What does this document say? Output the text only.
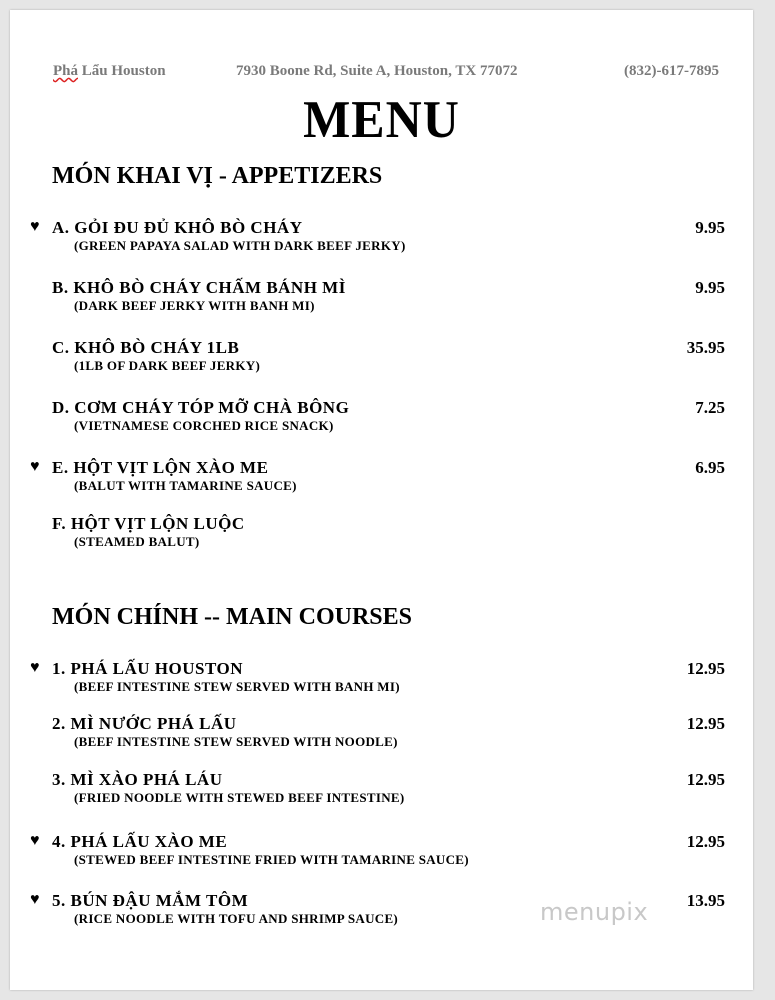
Phá Lẩu Houston	7930 Boone Rd, Suite A, Houston, TX 77072	(832)-617-7895
MENU
MÓN KHAI VỊ - APPETIZERS
♥ A. GỎI ĐU ĐỦ KHÔ BÒ CHÁY
(GREEN PAPAYA SALAD WITH DARK BEEF JERKY)
9.95
B. KHÔ BÒ CHÁY CHẤM BÁNH MÌ
(DARK BEEF JERKY WITH BANH MI)
9.95
C. KHÔ BÒ CHÁY 1LB
(1LB OF DARK BEEF JERKY)
35.95
D. CƠM CHÁY TÓP MỠ CHÀ BÔNG
(VIETNAMESE CORCHED RICE SNACK)
7.25
♥ E. HỘT VỊT LỘN XÀO ME
(BALUT WITH TAMARINE SAUCE)
6.95
F. HỘT VỊT LỘN LUỘC
(STEAMED BALUT)
MÓN CHÍNH -- MAIN COURSES
♥ 1. PHÁ LẤU HOUSTON
(BEEF INTESTINE STEW SERVED WITH BANH MI)
12.95
2. MÌ NƯỚC PHÁ LẤU
(BEEF INTESTINE STEW SERVED WITH NOODLE)
12.95
3. MÌ XÀO PHÁ LÁU
(FRIED NOODLE WITH STEWED BEEF INTESTINE)
12.95
♥ 4. PHÁ LẤU XÀO ME
(STEWED BEEF INTESTINE FRIED WITH TAMARINE SAUCE)
12.95
♥ 5. BÚN ĐẬU MẮM TÔM
(RICE NOODLE WITH TOFU AND SHRIMP SAUCE)
13.95
menupix
